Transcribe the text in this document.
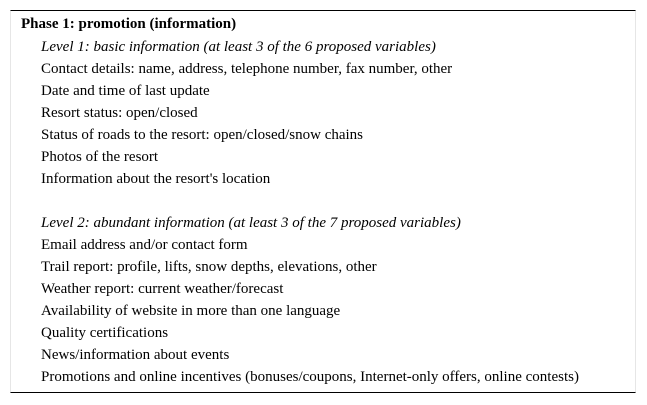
Phase 1: promotion (information)
Level 1: basic information (at least 3 of the 6 proposed variables)
Contact details: name, address, telephone number, fax number, other
Date and time of last update
Resort status: open/closed
Status of roads to the resort: open/closed/snow chains
Photos of the resort
Information about the resort's location
Level 2: abundant information (at least 3 of the 7 proposed variables)
Email address and/or contact form
Trail report: profile, lifts, snow depths, elevations, other
Weather report: current weather/forecast
Availability of website in more than one language
Quality certifications
News/information about events
Promotions and online incentives (bonuses/coupons, Internet-only offers, online contests)
